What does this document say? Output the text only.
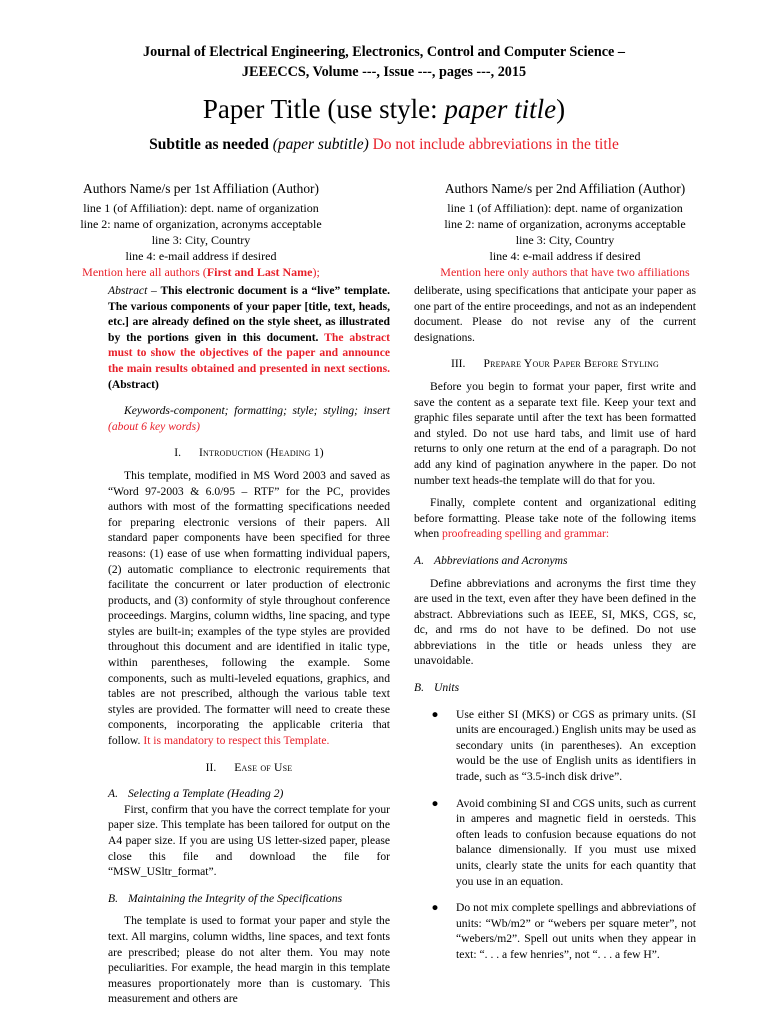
Journal of Electrical Engineering, Electronics, Control and Computer Science –
JEEECCS, Volume ---, Issue ---, pages ---, 2015
Paper Title (use style: paper title)
Subtitle as needed (paper subtitle) Do not include abbreviations in the title
Authors Name/s per 1st Affiliation (Author)
line 1 (of Affiliation): dept. name of organization
line 2: name of organization, acronyms acceptable
line 3: City, Country
line 4: e-mail address if desired
Mention here all authors (First and Last Name);
Authors Name/s per 2nd Affiliation (Author)
line 1 (of Affiliation): dept. name of organization
line 2: name of organization, acronyms acceptable
line 3: City, Country
line 4: e-mail address if desired
Mention here only authors that have two affiliations

Abstract – This electronic document is a “live” template. The various components of your paper [title, text, heads, etc.] are already defined on the style sheet, as illustrated by the portions given in this document. The abstract must to show the objectives of the paper and announce the main results obtained and presented in next sections. (Abstract)

Keywords-component; formatting; style; styling; insert (about 6 key words)

I. Introduction (Heading 1)

This template, modified in MS Word 2003 and saved as “Word 97-2003 & 6.0/95 – RTF” for the PC, provides authors with most of the formatting specifications needed for preparing electronic versions of their papers. All standard paper components have been specified for three reasons: (1) ease of use when formatting individual papers, (2) automatic compliance to electronic requirements that facilitate the concurrent or later production of electronic products, and (3) conformity of style throughout conference proceedings. Margins, column widths, line spacing, and type styles are built-in; examples of the type styles are provided throughout this document and are identified in italic type, within parentheses, following the example. Some components, such as multi-leveled equations, graphics, and tables are not prescribed, although the various table text styles are provided. The formatter will need to create these components, incorporating the applicable criteria that follow. It is mandatory to respect this Template.

II. Ease of Use

A. Selecting a Template (Heading 2)

First, confirm that you have the correct template for your paper size. This template has been tailored for output on the A4 paper size. If you are using US letter-sized paper, please close this file and download the file for “MSW_USltr_format”.

B. Maintaining the Integrity of the Specifications

The template is used to format your paper and style the text. All margins, column widths, line spaces, and text fonts are prescribed; please do not alter them. You may note peculiarities. For example, the head margin in this template measures proportionately more than is customary. This measurement and others are

deliberate, using specifications that anticipate your paper as one part of the entire proceedings, and not as an independent document. Please do not revise any of the current designations.

III. Prepare Your Paper Before Styling

Before you begin to format your paper, first write and save the content as a separate text file. Keep your text and graphic files separate until after the text has been formatted and styled. Do not use hard tabs, and limit use of hard returns to only one return at the end of a paragraph. Do not add any kind of pagination anywhere in the paper. Do not number text heads-the template will do that for you.

Finally, complete content and organizational editing before formatting. Please take note of the following items when proofreading spelling and grammar:

A. Abbreviations and Acronyms

Define abbreviations and acronyms the first time they are used in the text, even after they have been defined in the abstract. Abbreviations such as IEEE, SI, MKS, CGS, sc, dc, and rms do not have to be defined. Do not use abbreviations in the title or heads unless they are unavoidable.

B. Units

●	Use either SI (MKS) or CGS as primary units. (SI units are encouraged.) English units may be used as secondary units (in parentheses). An exception would be the use of English units as identifiers in trade, such as “3.5-inch disk drive”.
●	Avoid combining SI and CGS units, such as current in amperes and magnetic field in oersteds. This often leads to confusion because equations do not balance dimensionally. If you must use mixed units, clearly state the units for each quantity that you use in an equation.
●	Do not mix complete spellings and abbreviations of units: “Wb/m2” or “webers per square meter”, not “webers/m2”. Spell out units when they appear in text: “. . . a few henries”, not “. . . a few H”.
